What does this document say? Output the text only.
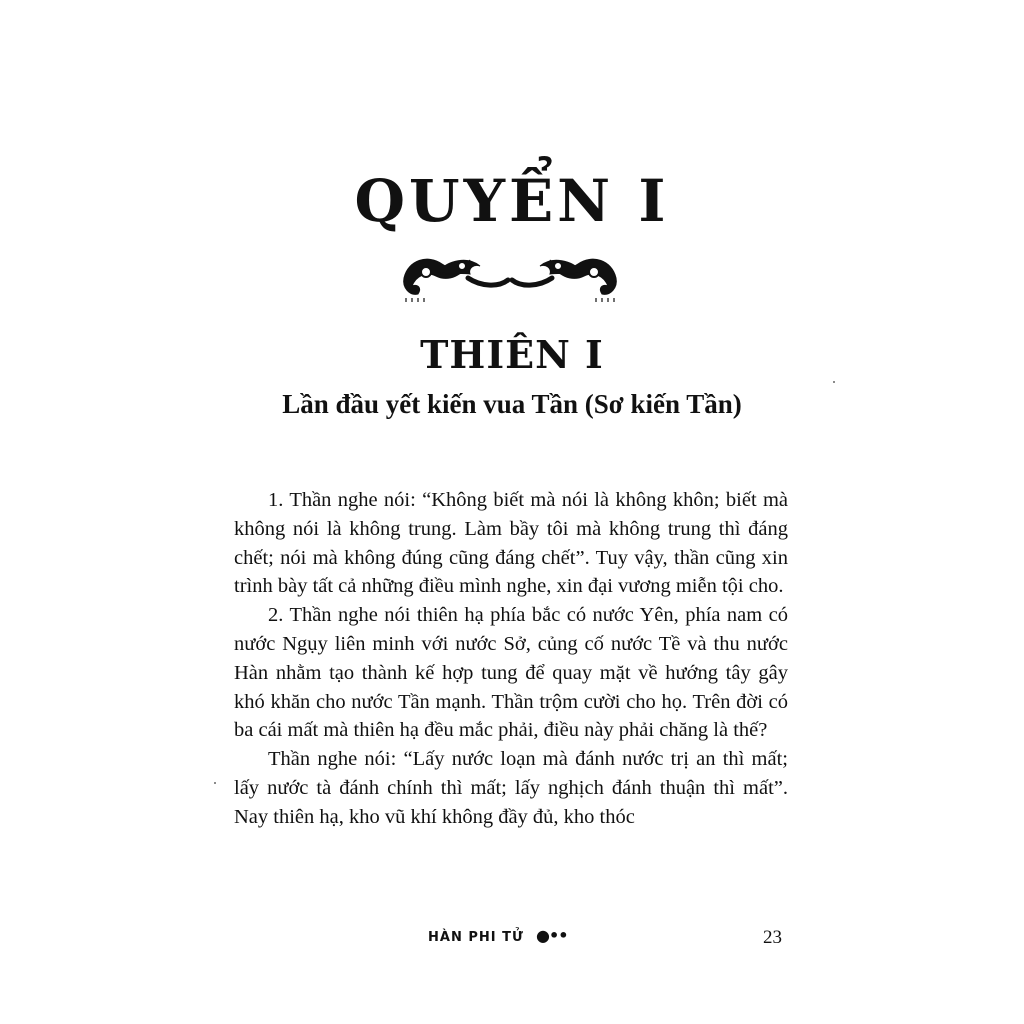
QUYỂN I
THIÊN I
Lần đầu yết kiến vua Tần (Sơ kiến Tần)

1. Thần nghe nói: “Không biết mà nói là không khôn; biết mà không nói là không trung. Làm bầy tôi mà không trung thì đáng chết; nói mà không đúng cũng đáng chết”. Tuy vậy, thần cũng xin trình bày tất cả những điều mình nghe, xin đại vương miễn tội cho.

2. Thần nghe nói thiên hạ phía bắc có nước Yên, phía nam có nước Ngụy liên minh với nước Sở, củng cố nước Tề và thu nước Hàn nhằm tạo thành kế hợp tung để quay mặt về hướng tây gây khó khăn cho nước Tần mạnh. Thần trộm cười cho họ. Trên đời có ba cái mất mà thiên hạ đều mắc phải, điều này phải chăng là thế?

Thần nghe nói: “Lấy nước loạn mà đánh nước trị an thì mất; lấy nước tà đánh chính thì mất; lấy nghịch đánh thuận thì mất”. Nay thiên hạ, kho vũ khí không đầy đủ, kho thóc

HÀN PHI TỬ ●••	23
